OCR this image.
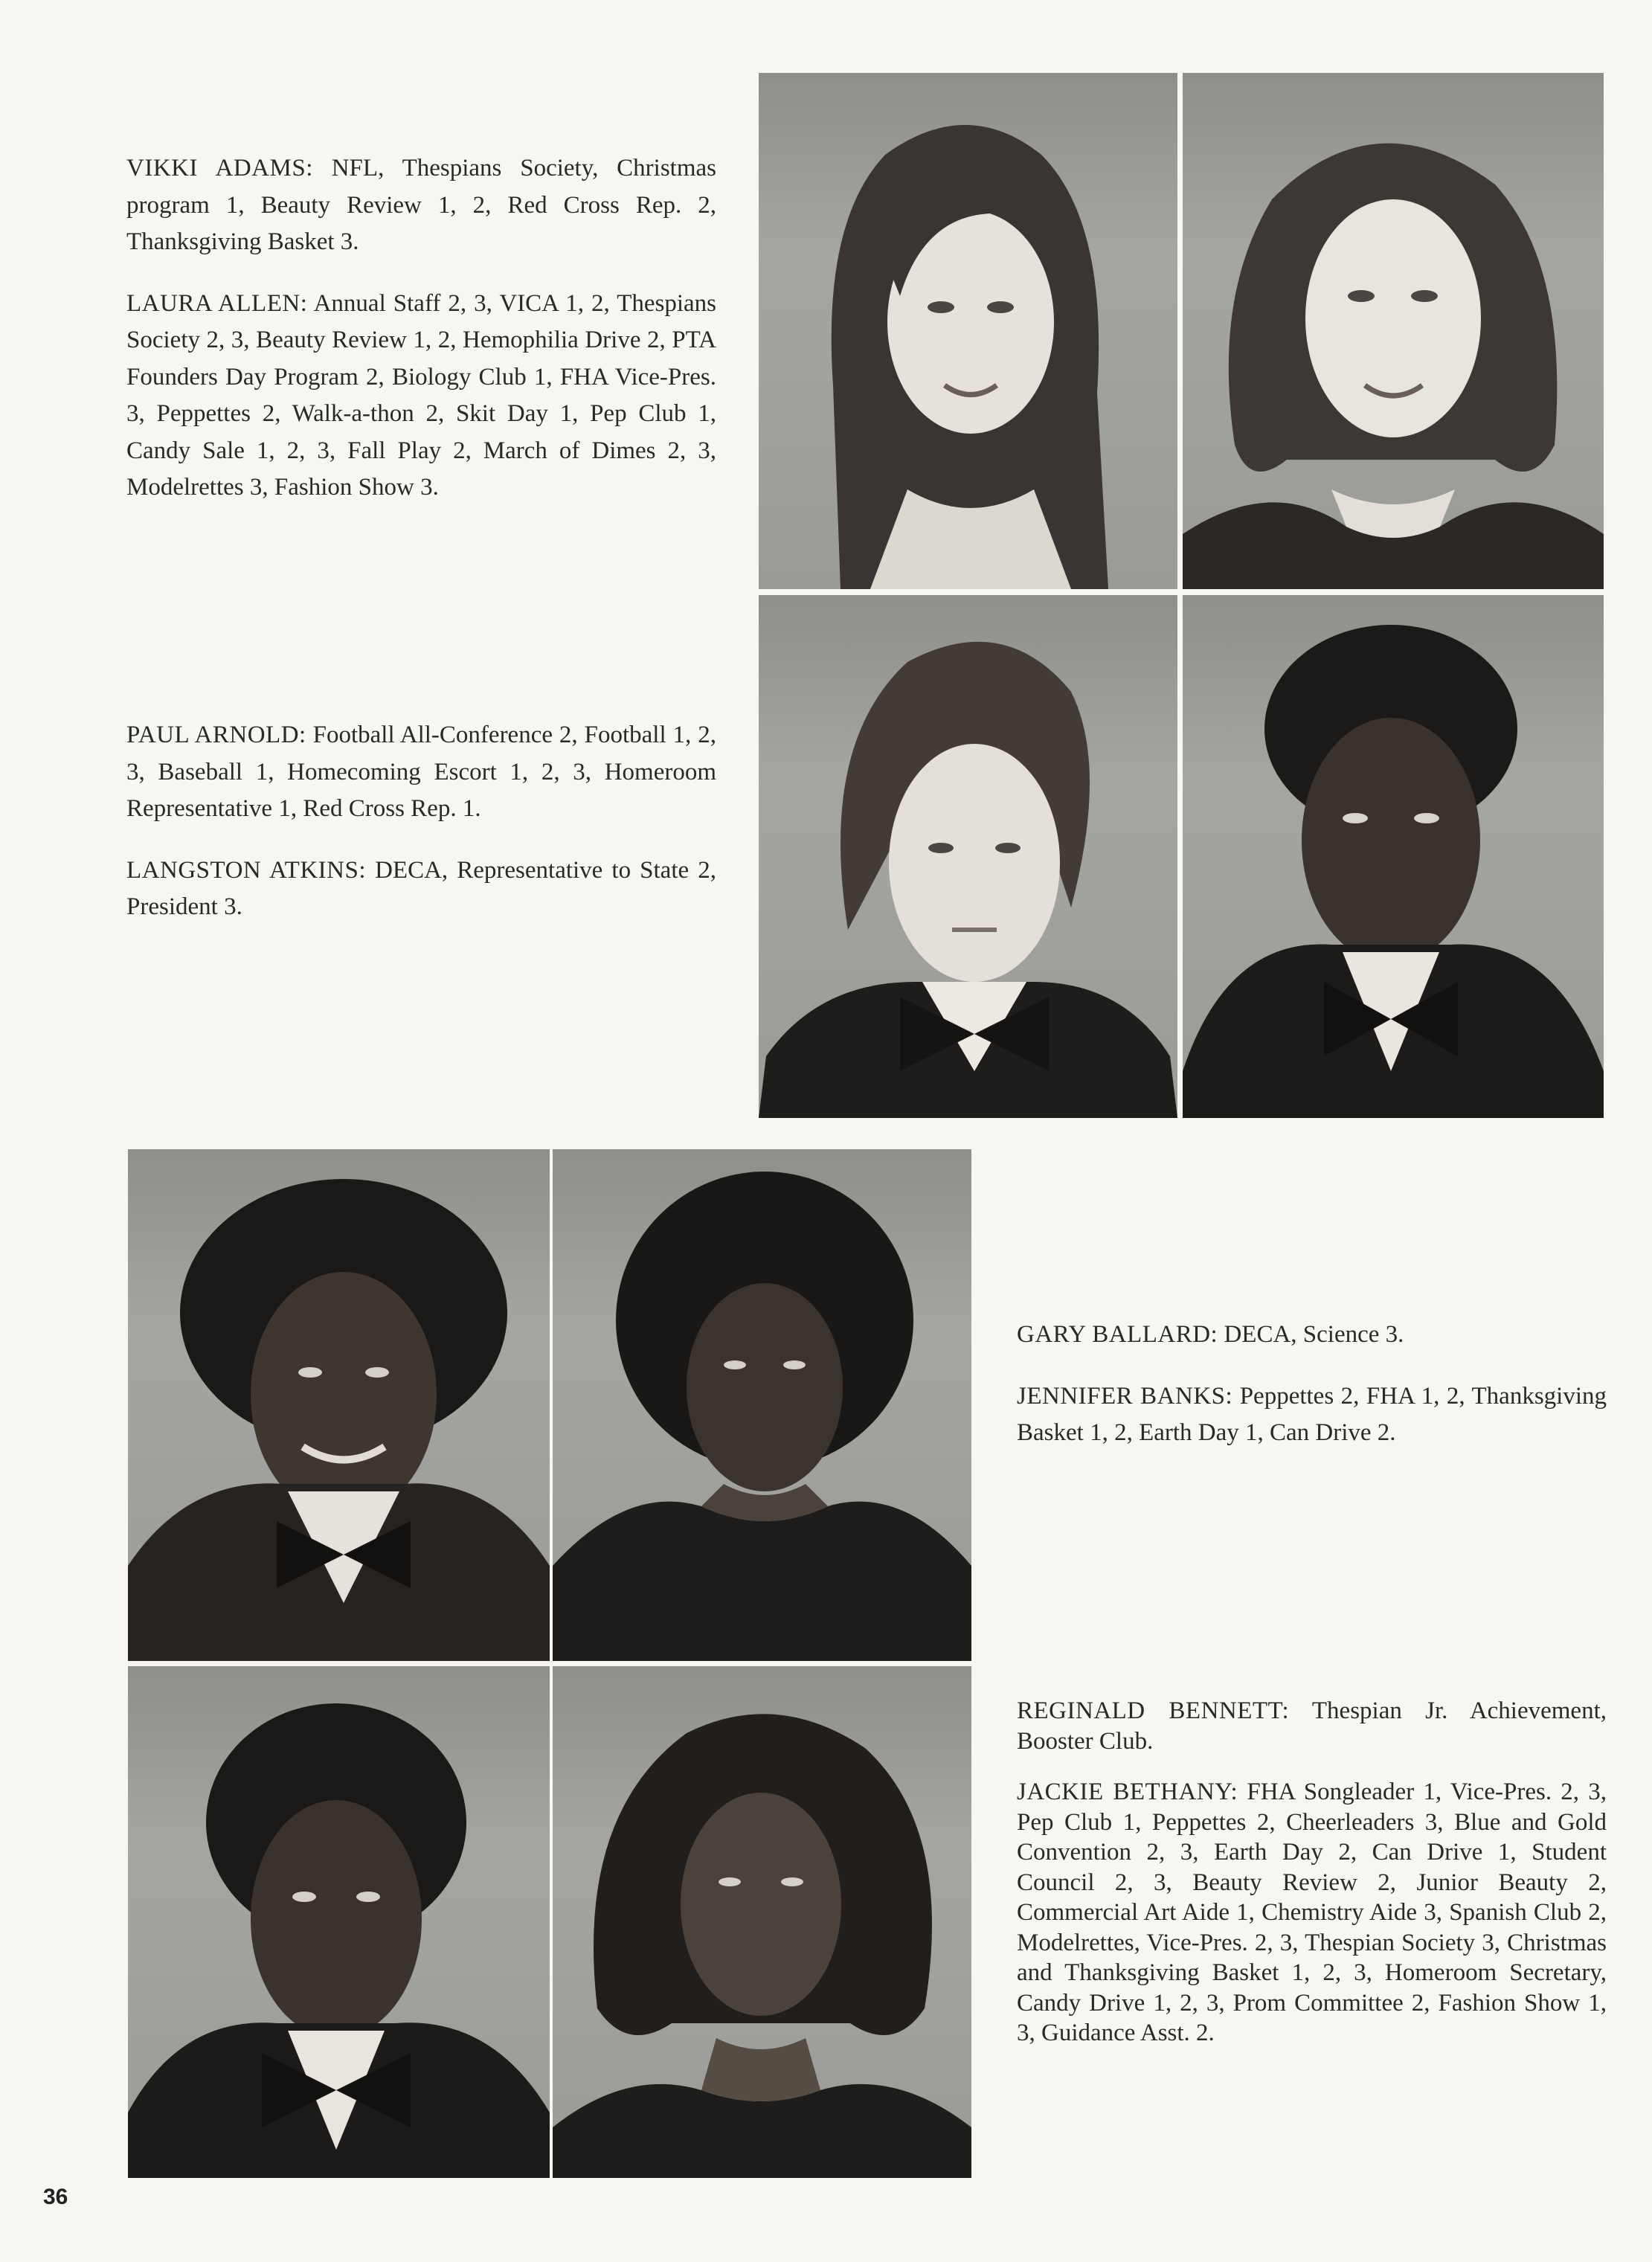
VIKKI ADAMS: NFL, Thespians Society, Christmas program 1, Beauty Review 1, 2, Red Cross Rep. 2, Thanksgiving Basket 3.

LAURA ALLEN: Annual Staff 2, 3, VICA 1, 2, Thespians Society 2, 3, Beauty Review 1, 2, Hemophilia Drive 2, PTA Founders Day Program 2, Biology Club 1, FHA Vice-Pres. 3, Peppettes 2, Walk-a-thon 2, Skit Day 1, Pep Club 1, Candy Sale 1, 2, 3, Fall Play 2, March of Dimes 2, 3, Modelrettes 3, Fashion Show 3.

PAUL ARNOLD: Football All-Conference 2, Football 1, 2, 3, Baseball 1, Homecoming Escort 1, 2, 3, Homeroom Representative 1, Red Cross Rep. 1.

LANGSTON ATKINS: DECA, Representative to State 2, President 3.

GARY BALLARD: DECA, Science 3.

JENNIFER BANKS: Peppettes 2, FHA 1, 2, Thanksgiving Basket 1, 2, Earth Day 1, Can Drive 2.

REGINALD BENNETT: Thespian Jr. Achievement, Booster Club.

JACKIE BETHANY: FHA Songleader 1, Vice-Pres. 2, 3, Pep Club 1, Peppettes 2, Cheerleaders 3, Blue and Gold Convention 2, 3, Earth Day 2, Can Drive 1, Student Council 2, 3, Beauty Review 2, Junior Beauty 2, Commercial Art Aide 1, Chemistry Aide 3, Spanish Club 2, Modelrettes, Vice-Pres. 2, 3, Thespian Society 3, Christmas and Thanksgiving Basket 1, 2, 3, Homeroom Secretary, Candy Drive 1, 2, 3, Prom Committee 2, Fashion Show 1, 3, Guidance Asst. 2.

36
